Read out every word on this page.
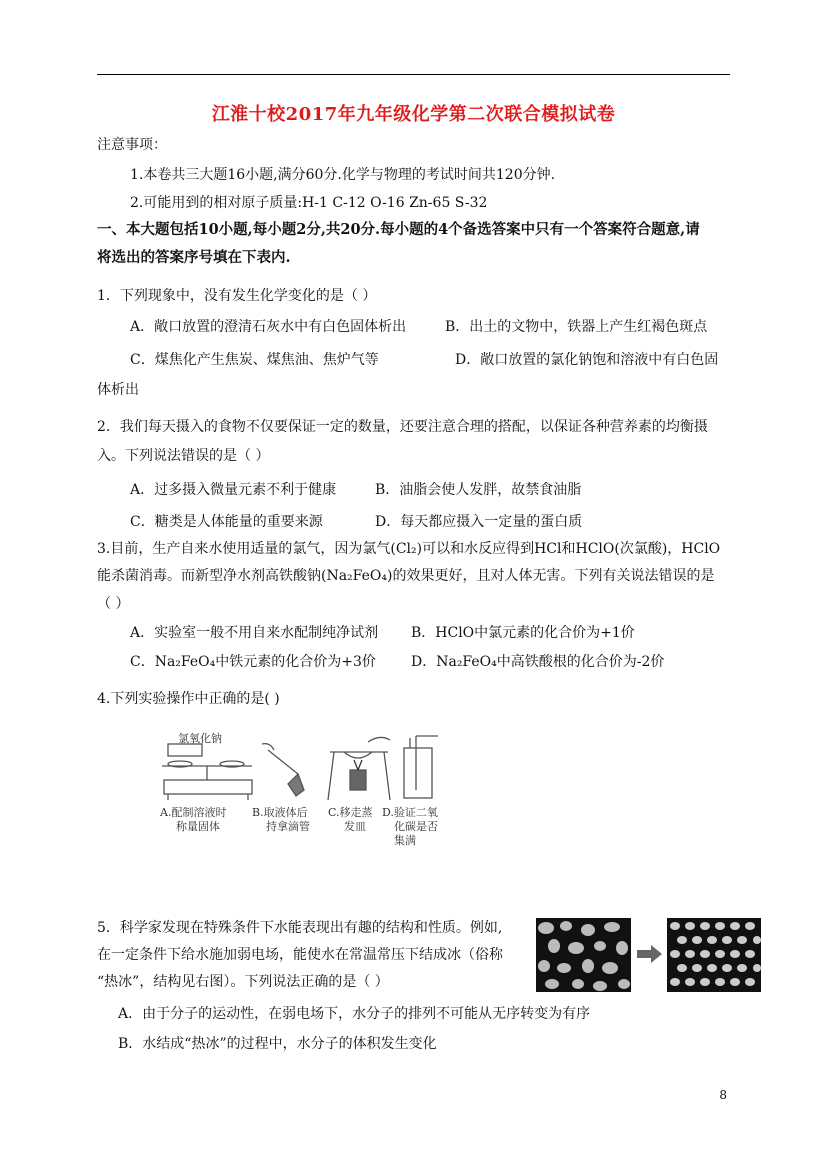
江淮十校2017年九年级化学第二次联合模拟试卷
注意事项：
1.本卷共三大题16小题,满分60分.化学与物理的考试时间共120分钟.
2.可能用到的相对原子质量:H-1 C-12 O-16 Zn-65 S-32
一、本大题包括10小题,每小题2分,共20分.每小题的4个备选答案中只有一个答案符合题意,请
将选出的答案序号填在下表内.
1．下列现象中，没有发生化学变化的是（ ）
A．敞口放置的澄清石灰水中有白色固体析出	B．出土的文物中，铁器上产生红褐色斑点
C．煤焦化产生焦炭、煤焦油、焦炉气等	D．敞口放置的氯化钠饱和溶液中有白色固
体析出
2．我们每天摄入的食物不仅要保证一定的数量，还要注意合理的搭配，以保证各种营养素的均衡摄
入。下列说法错误的是（ ）
A．过多摄入微量元素不利于健康	B．油脂会使人发胖，故禁食油脂
C．糖类是人体能量的重要来源	D．每天都应摄入一定量的蛋白质
3.目前，生产自来水使用适量的氯气，因为氯气(Cl₂)可以和水反应得到HCl和HClO(次氯酸)，HClO
能杀菌消毒。而新型净水剂高铁酸钠(Na₂FeO₄)的效果更好，且对人体无害。下列有关说法错误的是
（ ）
A．实验室一般不用自来水配制纯净试剂 B．HClO中氯元素的化合价为+1价
C．Na₂FeO₄中铁元素的化合价为+3价	D．Na₂FeO₄中高铁酸根的化合价为-2价
4.下列实验操作中正确的是( )
氯氧化钠
A.配制溶液时
称量固体
B.取液体后
持拿滴管
C.移走蒸
发皿
D.验证二氧
化碳是否
集满
5．科学家发现在特殊条件下水能表现出有趣的结构和性质。例如,
在一定条件下给水施加弱电场，能使水在常温常压下结成冰（俗称
“热冰”，结构见右图）。下列说法正确的是（ ）
A．由于分子的运动性，在弱电场下，水分子的排列不可能从无序转变为有序
B．水结成“热冰”的过程中，水分子的体积发生变化
8
